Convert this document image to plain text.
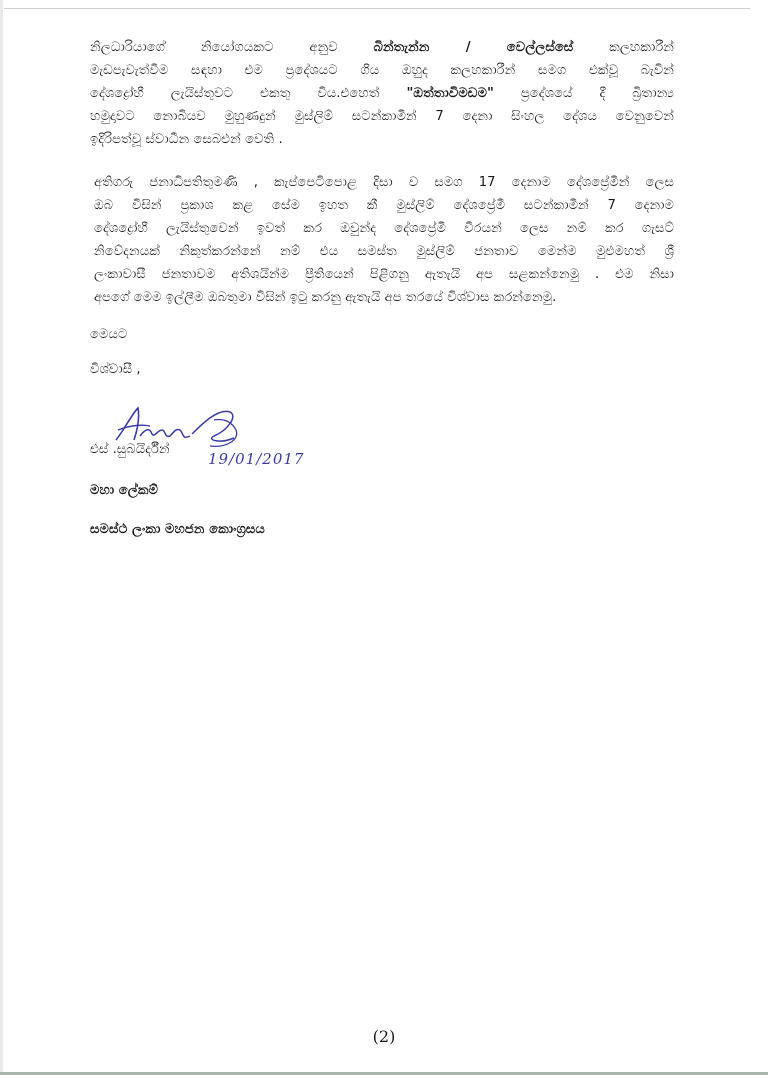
නිලධාරියාගේ නියෝගයකට අනුව බින්තැන්න / වෙල්ලස්සේ කලහකාරීන්
මැඩපැවැත්වීම සඳහා එම ප්‍රදේශයට ගිය ඔහුද කලහකාරීන් සමග එක්වූ බැවින්
දේශද්‍රෝහී ලැයිස්තුවට එකතු විය.එහෙත් "ඔත්තාවිමඩම" ප්‍රදේශයේ දී බ්‍රිතාන්‍ය
හමුදාවට නොබියව මුහුණදුන් මුස්ලිම් සටන්කාමීන් 7 දෙනා සිංහල දේශය වෙනුවෙන්
ඉදිරිපත්වූ ස්වාධීන සෙබළුන් වෙති .

අතිගරු ජනාධිපතිතුමණි , කැප්පෙටිපොළ දිසා ව සමග 17 දෙනාම දේශප්‍රේමීන් ලෙස
ඔබ විසින් ප්‍රකාශ කළ සේම ඉහත කී මුස්ලිම් දේශප්‍රේමී සටන්කාමීන් 7 දෙනාම
දේශද්‍රෝහී ලැයිස්තුවෙන් ඉවත් කර ඔවුන්ද දේශප්‍රේමී වීරයන් ලෙස නම් කර ගැසට්
නිවේදනයක් නිකුත්කරන්නේ නම් එය සමස්ත මුස්ලිම් ජනතාව මෙන්ම මුළුමහත් ශ්‍රී
ලංකාවාසී ජනතාවම අතිශයින්ම ප්‍රීතියෙන් පිළිගනු ඇතැයි අප සළකන්නෙමු . එම නිසා
අපගේ මෙම ඉල්ලීම ඔබතුමා විසින් ඉටු කරනු ඇතැයි අප තරයේ විශ්වාස කරන්නෙමු.

මෙයට

විශ්වාසී ,

එස් .සුබයිර්දීන්
19/01/2017
මහා ලේකම්
සමස්ථ ලංකා මහජන කොංග්‍රසය
(2)
